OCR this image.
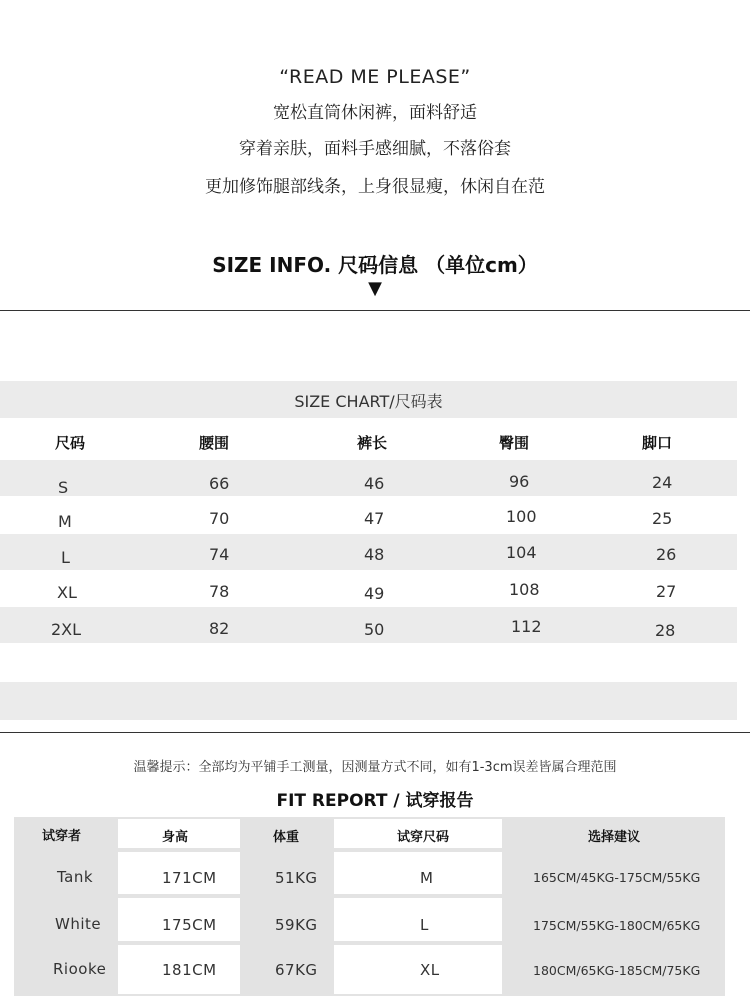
“READ ME PLEASE”
宽松直筒休闲裤，面料舒适
穿着亲肤，面料手感细腻，不落俗套
更加修饰腿部线条，上身很显瘦，休闲自在范
SIZE INFO. 尺码信息 （单位cm）
▼
SIZE CHART/尺码表
尺码	腰围	裤长	臀围	脚口
S	66	46	96	24
M	70	47	100	25
L	74	48	104	26
XL	78	49	108	27
2XL	82	50	112	28
温馨提示：全部均为平铺手工测量，因测量方式不同，如有1-3cm误差皆属合理范围
FIT REPORT / 试穿报告
试穿者	身高	体重	试穿尺码	选择建议
Tank	171CM	51KG	M	165CM/45KG-175CM/55KG
White	175CM	59KG	L	175CM/55KG-180CM/65KG
Riooke	181CM	67KG	XL	180CM/65KG-185CM/75KG
